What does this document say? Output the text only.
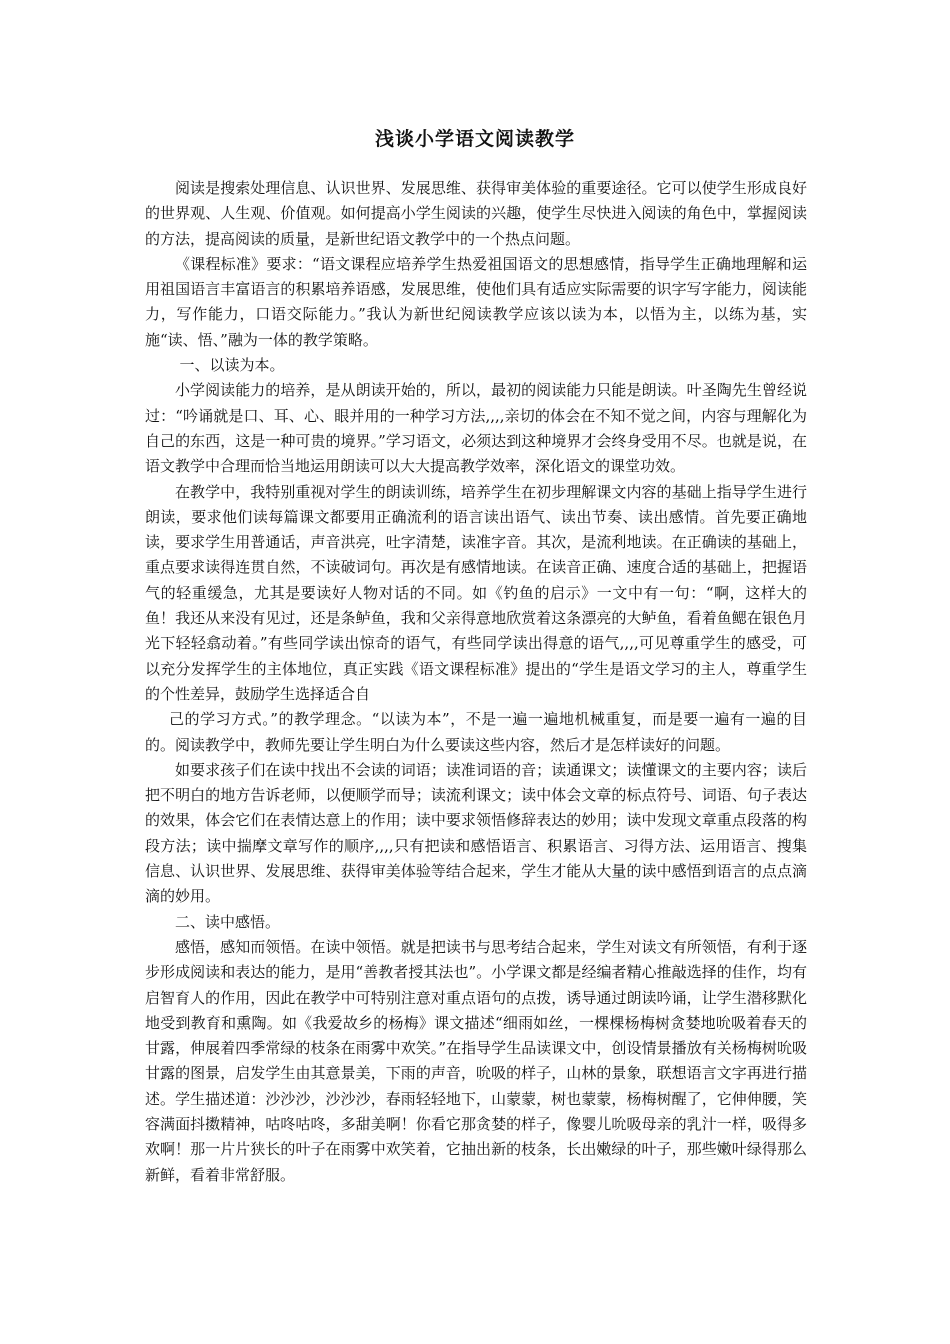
浅谈小学语文阅读教学

阅读是搜索处理信息、认识世界、发展思维、获得审美体验的重要途径。它可以使学生形成良好的世界观、人生观、价值观。如何提高小学生阅读的兴趣，使学生尽快进入阅读的角色中，掌握阅读的方法，提高阅读的质量，是新世纪语文教学中的一个热点问题。

《课程标准》要求：“语文课程应培养学生热爱祖国语文的思想感情，指导学生正确地理解和运用祖国语言丰富语言的积累培养语感，发展思维，使他们具有适应实际需要的识字写字能力，阅读能力，写作能力，口语交际能力。”我认为新世纪阅读教学应该以读为本，以悟为主，以练为基，实施“读、悟、”融为一体的教学策略。

一、以读为本。

小学阅读能力的培养，是从朗读开始的，所以，最初的阅读能力只能是朗读。叶圣陶先生曾经说过：“吟诵就是口、耳、心、眼并用的一种学习方法,,,,亲切的体会在不知不觉之间，内容与理解化为自己的东西，这是一种可贵的境界。”学习语文，必须达到这种境界才会终身受用不尽。也就是说，在语文教学中合理而恰当地运用朗读可以大大提高教学效率，深化语文的课堂功效。

在教学中，我特别重视对学生的朗读训练，培养学生在初步理解课文内容的基础上指导学生进行朗读，要求他们读每篇课文都要用正确流利的语言读出语气、读出节奏、读出感情。首先要正确地读，要求学生用普通话，声音洪亮，吐字清楚，读准字音。其次，是流利地读。在正确读的基础上，重点要求读得连贯自然，不读破词句。再次是有感情地读。在读音正确、速度合适的基础上，把握语气的轻重缓急，尤其是要读好人物对话的不同。如《钓鱼的启示》一文中有一句：“啊，这样大的鱼！我还从来没有见过，还是条鲈鱼，我和父亲得意地欣赏着这条漂亮的大鲈鱼，看着鱼鳃在银色月光下轻轻翕动着。”有些同学读出惊奇的语气，有些同学读出得意的语气,,,,可见尊重学生的感受，可以充分发挥学生的主体地位，真正实践《语文课程标准》提出的“学生是语文学习的主人，尊重学生的个性差异，鼓励学生选择适合自

己的学习方式。”的教学理念。“以读为本”，不是一遍一遍地机械重复，而是要一遍有一遍的目的。阅读教学中，教师先要让学生明白为什么要读这些内容，然后才是怎样读好的问题。

如要求孩子们在读中找出不会读的词语；读准词语的音；读通课文；读懂课文的主要内容；读后把不明白的地方告诉老师，以便顺学而导；读流利课文；读中体会文章的标点符号、词语、句子表达的效果，体会它们在表情达意上的作用；读中要求领悟修辞表达的妙用；读中发现文章重点段落的构段方法；读中揣摩文章写作的顺序,,,,只有把读和感悟语言、积累语言、习得方法、运用语言、搜集信息、认识世界、发展思维、获得审美体验等结合起来，学生才能从大量的读中感悟到语言的点点滴滴的妙用。

二、读中感悟。

感悟，感知而领悟。在读中领悟。就是把读书与思考结合起来，学生对读文有所领悟，有利于逐步形成阅读和表达的能力，是用“善教者授其法也”。小学课文都是经编者精心推敲选择的佳作，均有启智育人的作用，因此在教学中可特别注意对重点语句的点拨，诱导通过朗读吟诵，让学生潜移默化地受到教育和熏陶。如《我爱故乡的杨梅》课文描述“细雨如丝，一棵棵杨梅树贪婪地吮吸着春天的甘露，伸展着四季常绿的枝条在雨雾中欢笑。”在指导学生品读课文中，创设情景播放有关杨梅树吮吸甘露的图景，启发学生由其意景美，下雨的声音，吮吸的样子，山林的景象，联想语言文字再进行描述。学生描述道：沙沙沙，沙沙沙，春雨轻轻地下，山蒙蒙，树也蒙蒙，杨梅树醒了，它伸伸腰，笑容满面抖擞精神，咕咚咕咚，多甜美啊！你看它那贪婪的样子，像婴儿吮吸母亲的乳汁一样，吸得多欢啊！那一片片狭长的叶子在雨雾中欢笑着，它抽出新的枝条，长出嫩绿的叶子，那些嫩叶绿得那么新鲜，看着非常舒服。
